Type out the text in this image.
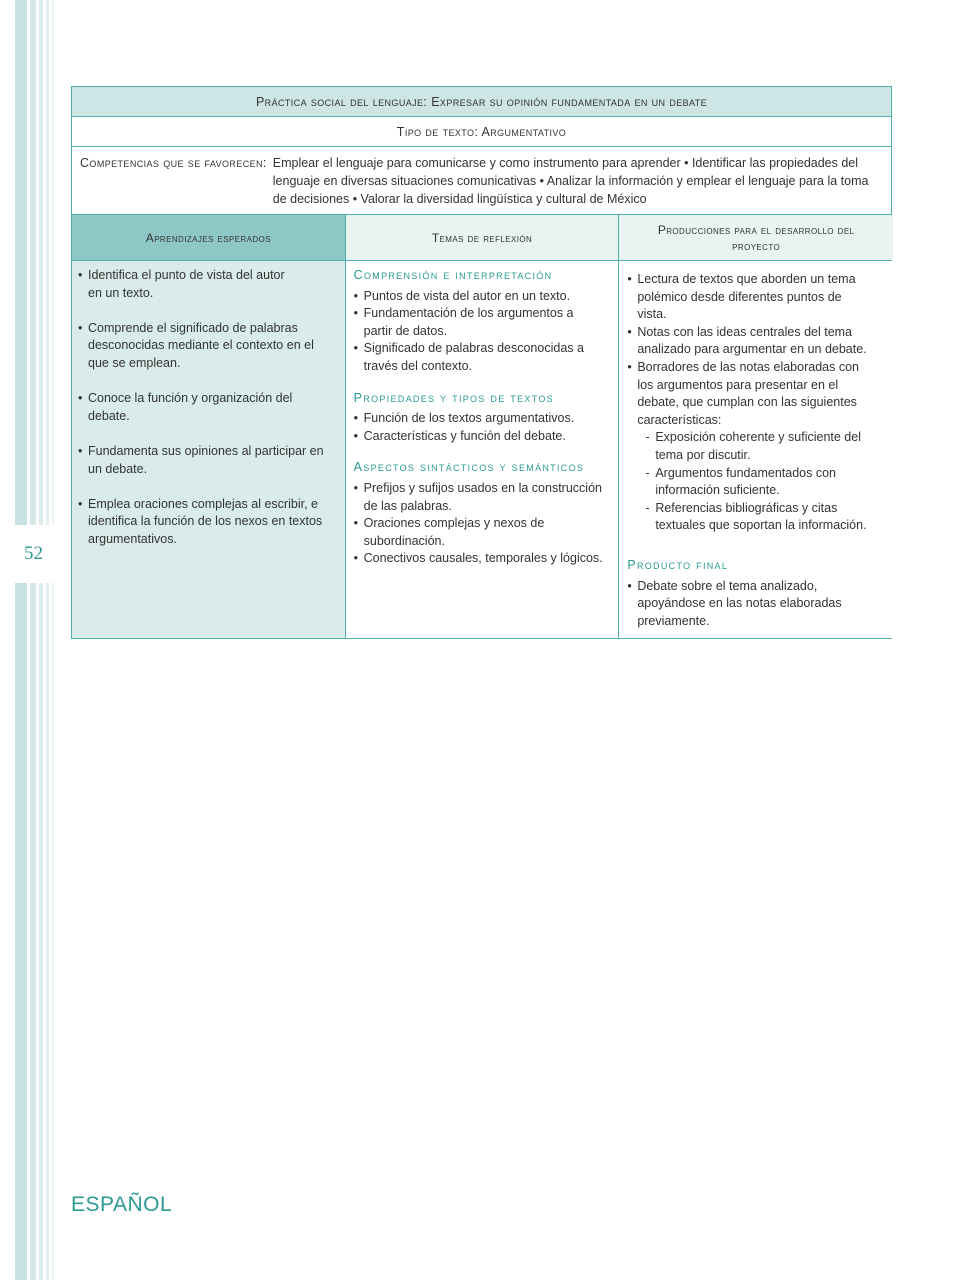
52
Práctica social del lenguaje: Expresar su opinión fundamentada en un debate
Tipo de texto: Argumentativo
Competencias que se favorecen: Emplear el lenguaje para comunicarse y como instrumento para aprender • Identificar las propiedades del lenguaje en diversas situaciones comunicativas • Analizar la información y emplear el lenguaje para la toma de decisiones • Valorar la diversidad lingüística y cultural de México
Aprendizajes esperados	Temas de reflexión
Producciones para el desarrollo del proyecto
• Identifica el punto de vista del autor en un texto.
• Comprende el significado de palabras desconocidas mediante el contexto en el que se emplean.
• Conoce la función y organización del debate.
• Fundamenta sus opiniones al participar en un debate.
• Emplea oraciones complejas al escribir, e identifica la función de los nexos en textos argumentativos.
Comprensión e interpretación
• Puntos de vista del autor en un texto.
• Fundamentación de los argumentos a partir de datos.
• Significado de palabras desconocidas a través del contexto.
Propiedades y tipos de textos
• Función de los textos argumentativos.
• Características y función del debate.
Aspectos sintácticos y semánticos
• Prefijos y sufijos usados en la construcción de las palabras.
• Oraciones complejas y nexos de subordinación.
• Conectivos causales, temporales y lógicos.
• Lectura de textos que aborden un tema polémico desde diferentes puntos de vista.
• Notas con las ideas centrales del tema analizado para argumentar en un debate.
• Borradores de las notas elaboradas con los argumentos para presentar en el debate, que cumplan con las siguientes características:
- Exposición coherente y suficiente del tema por discutir.
- Argumentos fundamentados con información suficiente.
- Referencias bibliográficas y citas textuales que soportan la información.
Producto final
• Debate sobre el tema analizado, apoyándose en las notas elaboradas previamente.
ESPAÑOL
